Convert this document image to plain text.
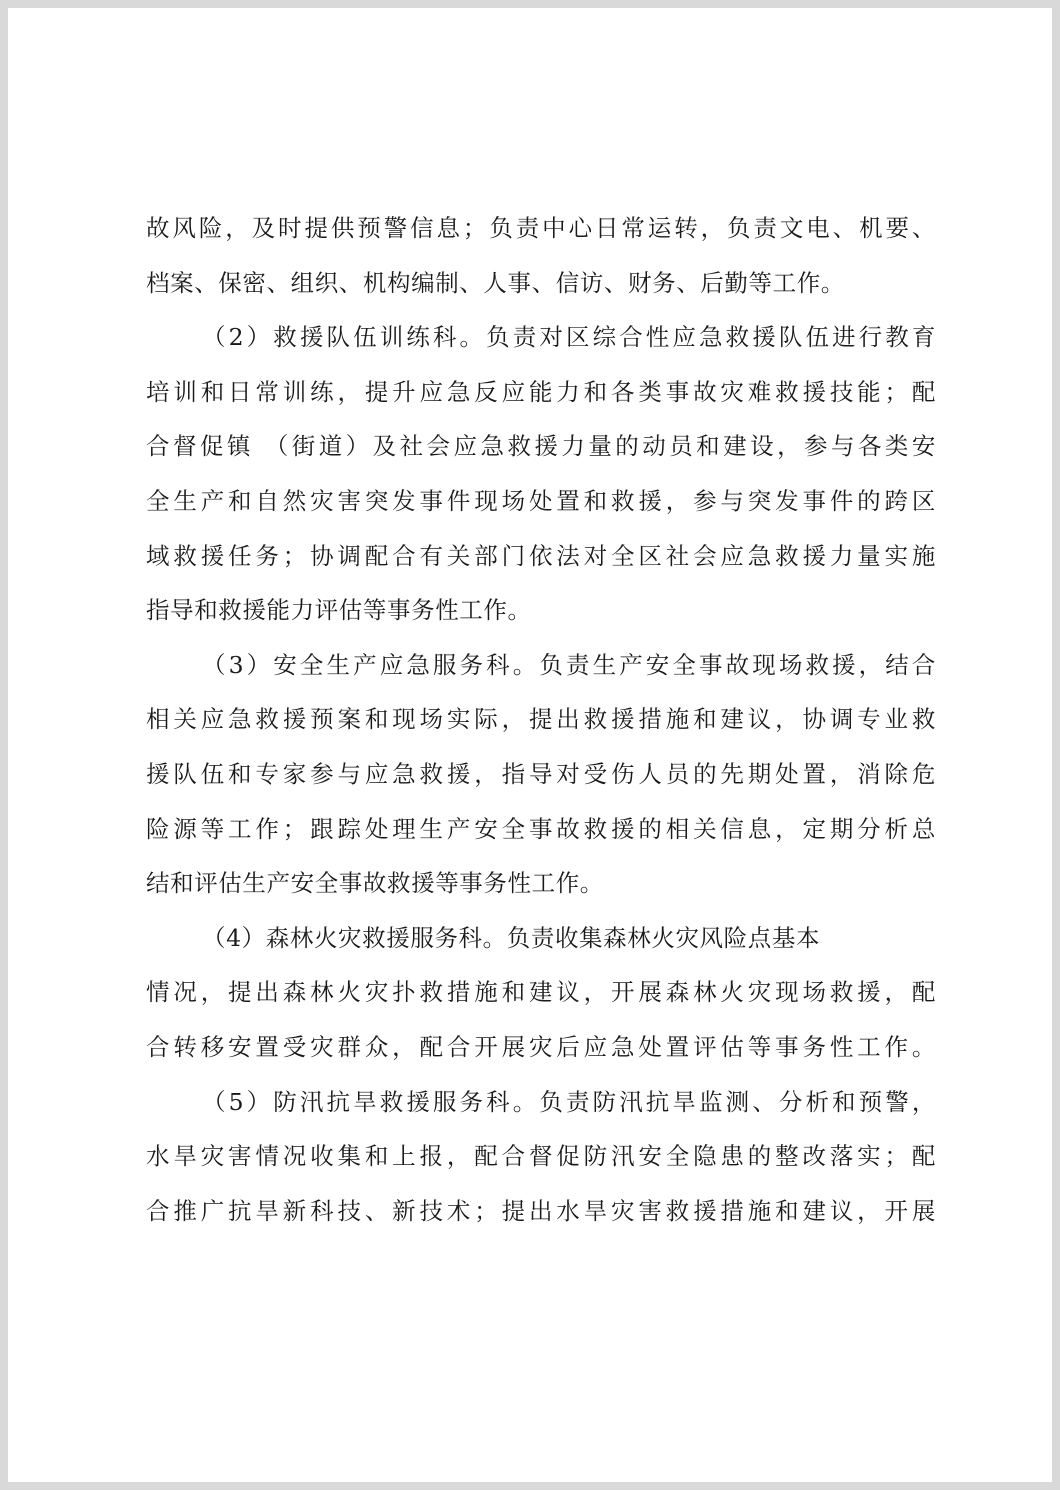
故风险，及时提供预警信息；负责中心日常运转，负责文电、机要、
档案、保密、组织、机构编制、人事、信访、财务、后勤等工作。
（2）救援队伍训练科。负责对区综合性应急救援队伍进行教育
培训和日常训练，提升应急反应能力和各类事故灾难救援技能；配
合督促镇 （街道）及社会应急救援力量的动员和建设，参与各类安
全生产和自然灾害突发事件现场处置和救援，参与突发事件的跨区
域救援任务；协调配合有关部门依法对全区社会应急救援力量实施
指导和救援能力评估等事务性工作。
（3）安全生产应急服务科。负责生产安全事故现场救援，结合
相关应急救援预案和现场实际，提出救援措施和建议，协调专业救
援队伍和专家参与应急救援，指导对受伤人员的先期处置，消除危
险源等工作；跟踪处理生产安全事故救援的相关信息，定期分析总
结和评估生产安全事故救援等事务性工作。
（4）森林火灾救援服务科。负责收集森林火灾风险点基本
情况，提出森林火灾扑救措施和建议，开展森林火灾现场救援，配
合转移安置受灾群众，配合开展灾后应急处置评估等事务性工作。
（5）防汛抗旱救援服务科。负责防汛抗旱监测、分析和预警，
水旱灾害情况收集和上报，配合督促防汛安全隐患的整改落实；配
合推广抗旱新科技、新技术；提出水旱灾害救援措施和建议，开展
